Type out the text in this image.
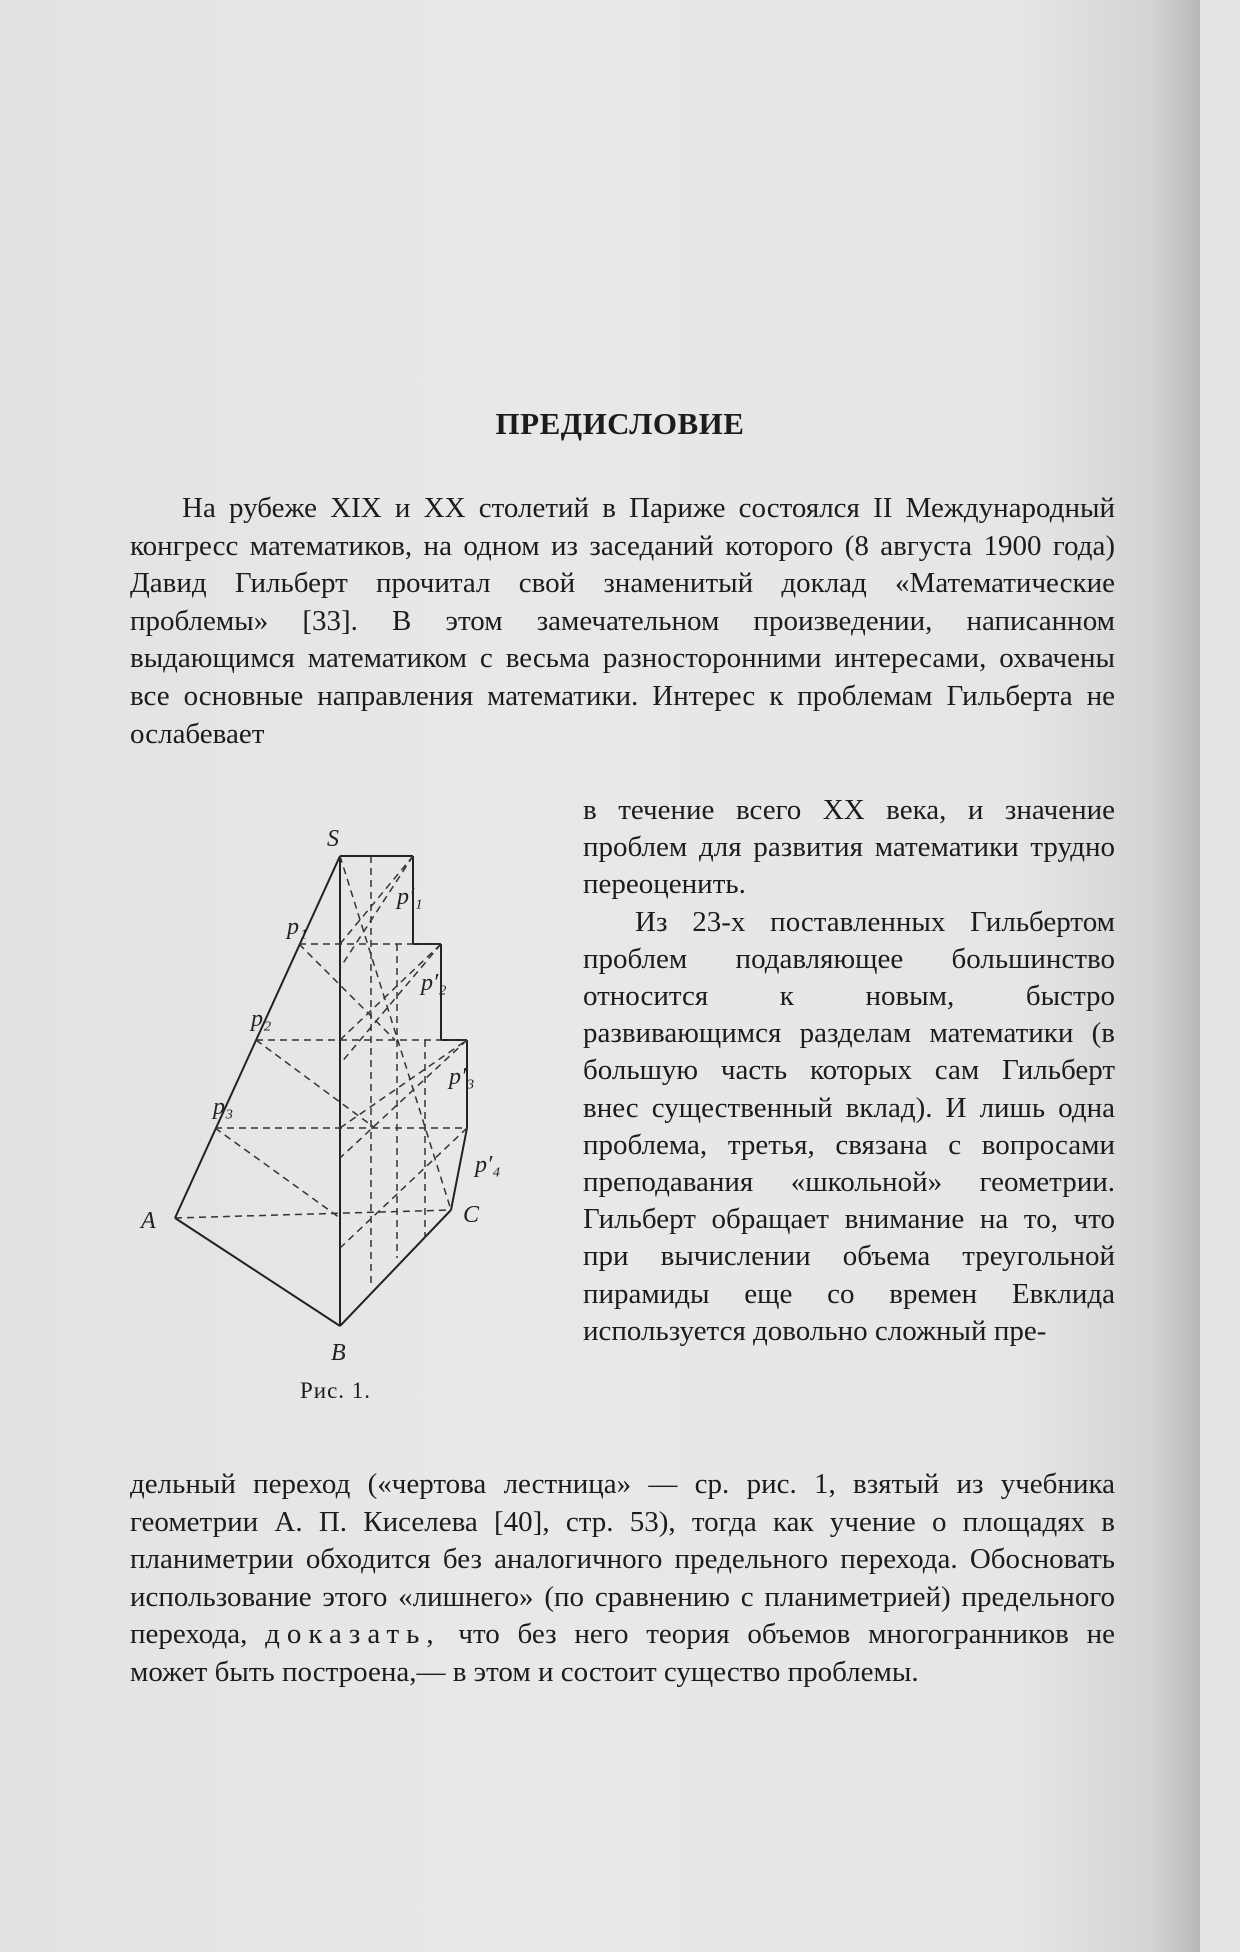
ПРЕДИСЛОВИЕ

На рубеже XIX и XX столетий в Париже состоялся II Международный конгресс математиков, на одном из заседаний которого (8 августа 1900 года) Давид Гильберт прочитал свой знаменитый доклад «Математические проблемы» [33]. В этом замечательном произведении, написанном выдающимся математиком с весьма разносторонними интересами, охвачены все основные направления математики. Интерес к проблемам Гильберта не ослабевает

S
A
B
C
p₁
p₂
p₃
p′₁
p′₂
p′₃
p′₄
Рис. 1.

в течение всего XX века, и значение проблем для развития математики трудно переоценить.
Из 23-х поставленных Гильбертом проблем подавляющее большинство относится к новым, быстро развивающимся разделам математики (в большую часть которых сам Гильберт внес существенный вклад). И лишь одна проблема, третья, связана с вопросами преподавания «школьной» геометрии. Гильберт обращает внимание на то, что при вычислении объема треугольной пирамиды еще со времен Евклида используется довольно сложный пре-

дельный переход («чертова лестница» — ср. рис. 1, взятый из учебника геометрии А. П. Киселева [40], стр. 53), тогда как учение о площадях в планиметрии обходится без аналогичного предельного перехода. Обосновать использование этого «лишнего» (по сравнению с планиметрией) предельного перехода, доказать, что без него теория объемов многогранников не может быть построена,— в этом и состоит существо проблемы.
